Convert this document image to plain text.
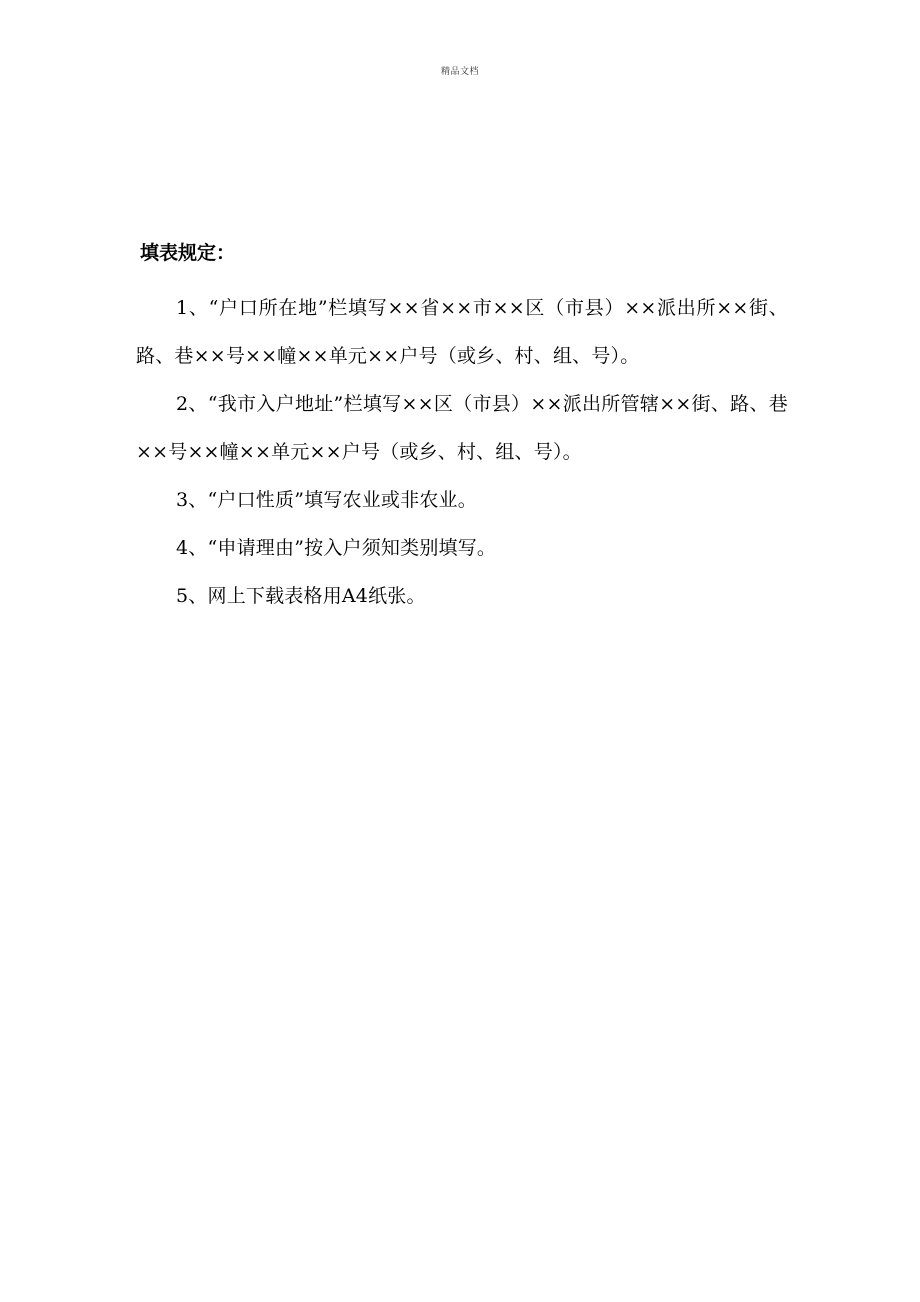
精品文档
填表规定：

1、“户口所在地”栏填写××省××市××区（市县）××派出所××街、路、巷××号××幢××单元××户号（或乡、村、组、号）。

2、“我市入户地址”栏填写××区（市县）××派出所管辖××街、路、巷××号××幢××单元××户号（或乡、村、组、号）。

3、“户口性质”填写农业或非农业。

4、“申请理由”按入户须知类别填写。

5、网上下载表格用A4纸张。
